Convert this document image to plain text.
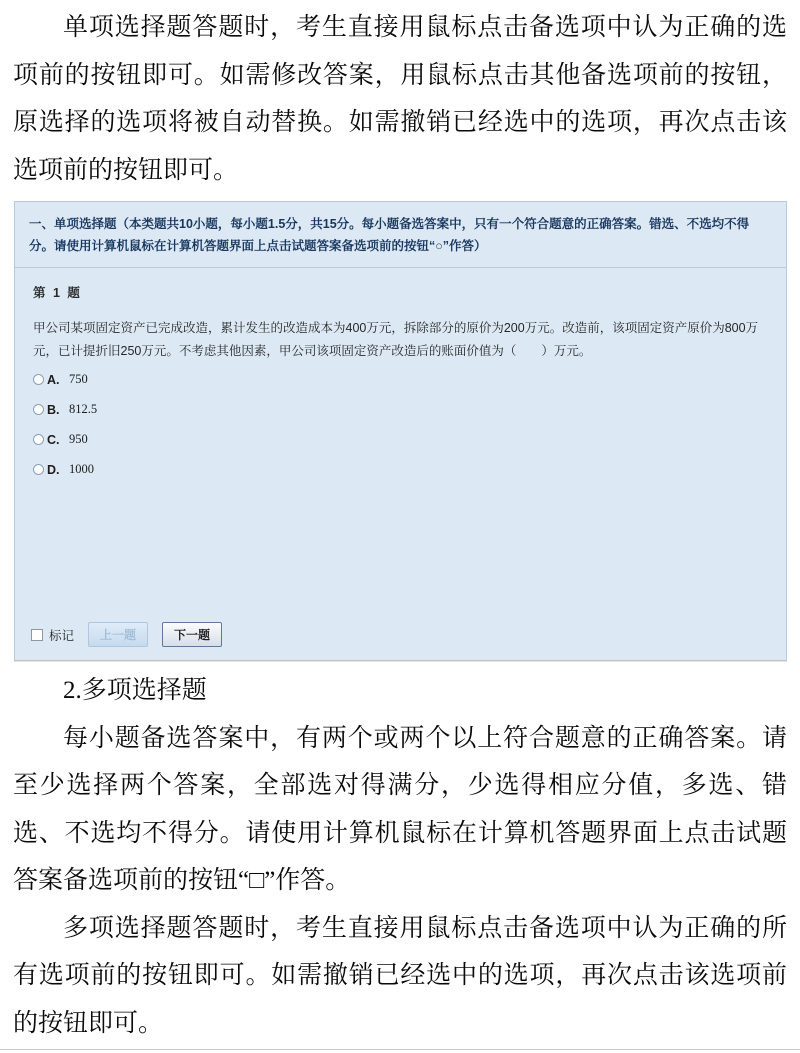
单项选择题答题时，考生直接用鼠标点击备选项中认为正确的选项前的按钮即可。如需修改答案，用鼠标点击其他备选项前的按钮，原选择的选项将被自动替换。如需撤销已经选中的选项，再次点击该选项前的按钮即可。

一、单项选择题（本类题共10小题，每小题1.5分，共15分。每小题备选答案中，只有一个符合题意的正确答案。错选、不选均不得分。请使用计算机鼠标在计算机答题界面上点击试题答案备选项前的按钮“○”作答）
第 1 题
甲公司某项固定资产已完成改造，累计发生的改造成本为400万元，拆除部分的原价为200万元。改造前，该项固定资产原价为800万元，已计提折旧250万元。不考虑其他因素，甲公司该项固定资产改造后的账面价值为（　　）万元。
A. 750
B. 812.5
C. 950
D. 1000
标记	上一题	下一题

2.多项选择题

每小题备选答案中，有两个或两个以上符合题意的正确答案。请至少选择两个答案，全部选对得满分，少选得相应分值，多选、错选、不选均不得分。请使用计算机鼠标在计算机答题界面上点击试题答案备选项前的按钮“□”作答。

多项选择题答题时，考生直接用鼠标点击备选项中认为正确的所有选项前的按钮即可。如需撤销已经选中的选项，再次点击该选项前的按钮即可。
